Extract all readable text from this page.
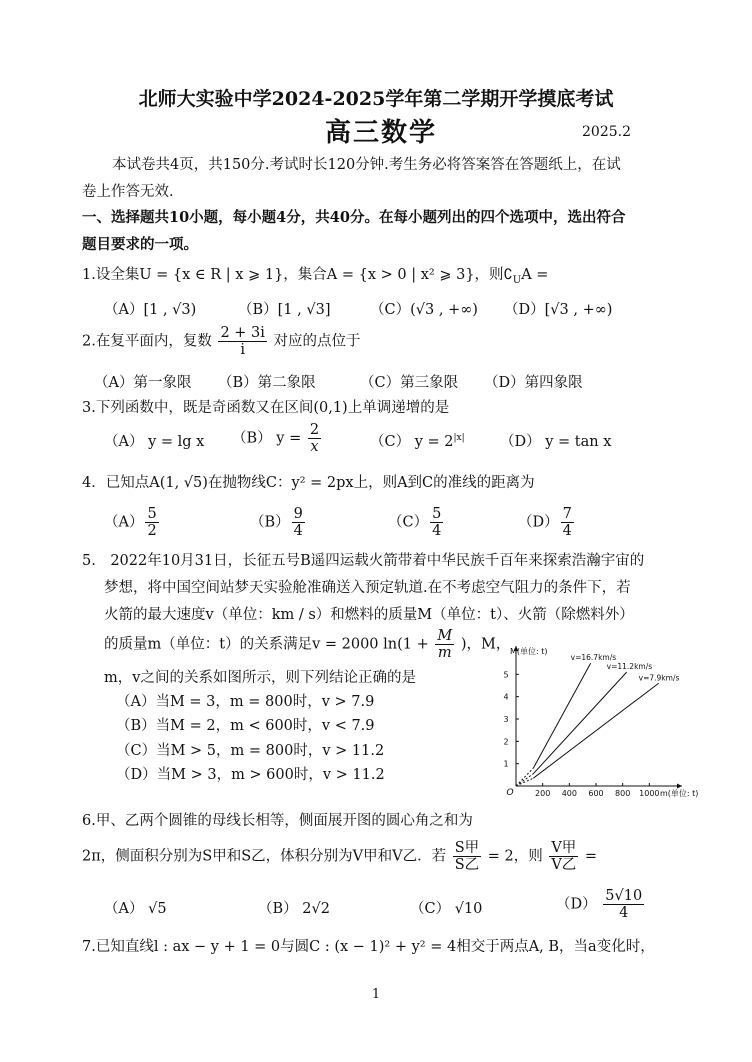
北师大实验中学2024-2025学年第二学期开学摸底考试
高三数学	2025.2
本试卷共4页，共150分.考试时长120分钟.考生务必将答案答在答题纸上，在试
卷上作答无效.
一、选择题共10小题，每小题4分，共40分。在每小题列出的四个选项中，选出符合
题目要求的一项。
1.设全集U = {x ∈ R | x ⩾ 1}，集合A = {x > 0 | x² ⩾ 3}，则$∁_UA$ =
（A）[1 , √3)	（B）[1 , √3]	（C）(√3 , +∞) （D）[√3 , +∞)
2.在复平面内，复数 $\frac{2 + 3i}{i}$ 对应的点位于
（A）第一象限 （B）第二象限	（C）第三象限 （D）第四象限
3.下列函数中，既是奇函数又在区间(0,1)上单调递增的是
（A） y = lg x （B） $y = \frac{2}{x}$	（C） $y = 2^{|x|}$ （D） y = tan x
4．已知点A(1, √5)在抛物线C：y² = 2px上，则A到C的准线的距离为
$(A) \frac{5}{2}$	$(B) \frac{9}{4}$	$(C) \frac{5}{4}$	$(D) \frac{7}{4}$
5.　2022年10月31日，长征五号B遥四运载火箭带着中华民族千百年来探索浩瀚宇宙的
梦想，将中国空间站梦天实验舱准确送入预定轨道.在不考虑空气阻力的条件下，若
火箭的最大速度v（单位：km / s）和燃料的质量M（单位：t）、火箭（除燃料外）
的质量m（单位：t）的关系满足v = 2000 $\ln(1 + \frac{M}{m}$ )，M，
m，v之间的关系如图所示，则下列结论正确的是
（A）当M = 3，m = 800时，v > 7.9
（B）当M = 2，m < 600时，v < 7.9
（C）当M > 5，m = 800时，v > 11.2
（D）当M > 3，m > 600时，v > 11.2
200 400 600 800 1000
1
2
3
4
5
O
M(单位: t)
m(单位: t)
v=16.7km/s
v=11.2km/s
v=7.9km/s
6.甲、乙两个圆锥的母线长相等，侧面展开图的圆心角之和为
2π，侧面积分别为S甲和S乙，体积分别为V甲和V乙．若 $\frac{\text{S甲}}{\text{S乙}} = 2$，则 $\frac{\text{V甲}}{\text{V乙}}$ =
（A） √5	（B） 2√2	（C） √10	$(D) \frac{5√10}{4}$
7.已知直线l : ax − y + 1 = 0与圆C : (x − 1)² + y² = 4相交于两点A, B，当a变化时，
1
